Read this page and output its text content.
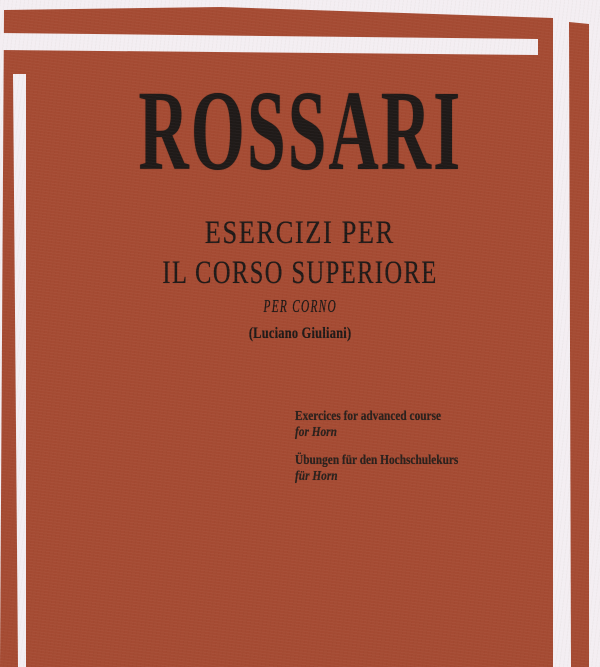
ROSSARI
ESERCIZI PER
IL CORSO SUPERIORE
PER CORNO
(Luciano Giuliani)
Exercices for advanced course
for Horn
Übungen für den Hochschulekurs
für Horn
